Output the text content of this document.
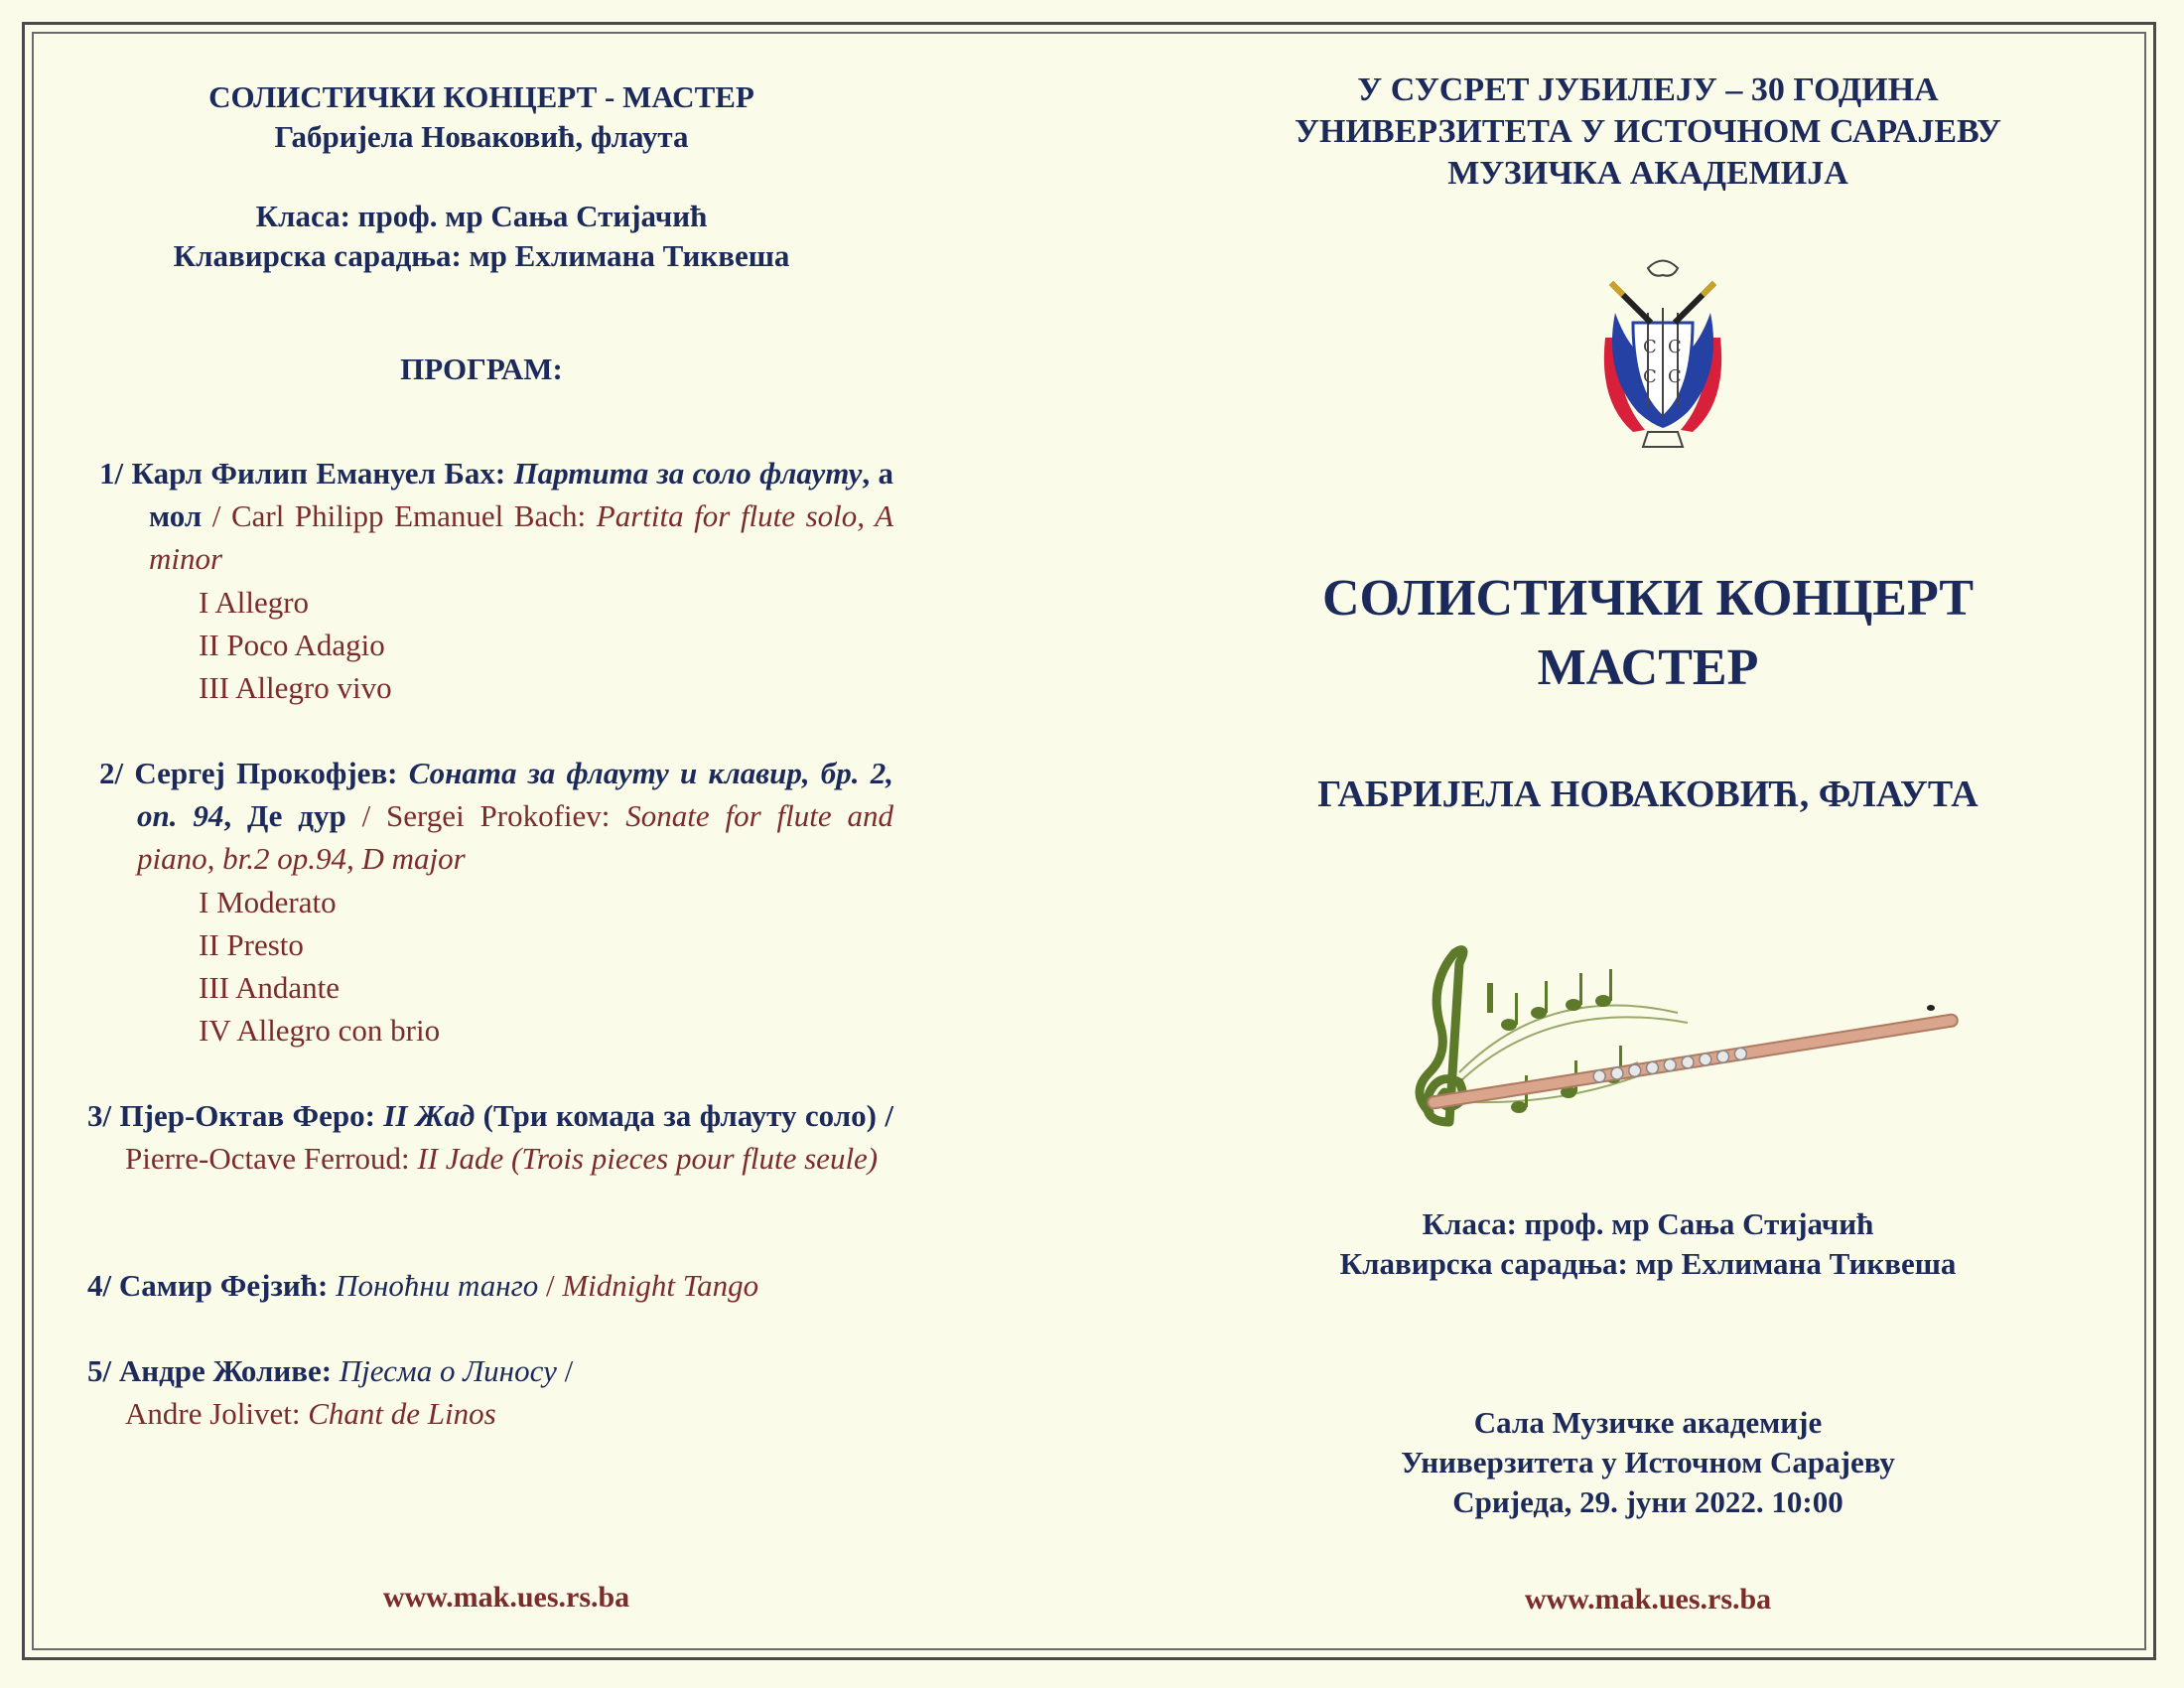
СОЛИСТИЧКИ КОНЦЕРТ - МАСТЕР
Габријела Новаковић, флаута
Класа: проф. мр Сања Стијачић
Клавирска сарадња: мр Ехлимана Тиквеша
ПРОГРАМ:
1/ Карл Филип Емануел Бах: Партита за соло флауту, а мол / Carl Philipp Emanuel Bach: Partita for flute solo, A minor
I Allegro
II Poco Adagio
III Allegro vivo
2/ Сергеј Прокофјев: Соната за флауту и клавир, бр. 2, оп. 94, Де дур / Sergei Prokofiev: Sonate for flute and piano, br.2 op.94, D major
I Moderato
II Presto
III Andante
IV Allegro con brio
3/ Пјер-Октав Феро: II Жад (Три комада за флауту соло) / Pierre-Octave Ferroud: II Jade (Trois pieces pour flute seule)
4/ Самир Фејзић: Поноћни танго / Midnight Tango
5/ Андре Жоливе: Пјесма о Линосу /
Andre Jolivet: Chant de Linos
www.mak.ues.rs.ba
У СУСРЕТ ЈУБИЛЕЈУ – 30 ГОДИНА
УНИВЕРЗИТЕТА У ИСТОЧНОМ САРАЈЕВУ
МУЗИЧКА АКАДЕМИЈА
С С
С С
СОЛИСТИЧКИ КОНЦЕРТ
МАСТЕР
ГАБРИЈЕЛА НОВАКОВИЋ, ФЛАУТА
Класа: проф. мр Сања Стијачић
Клавирска сарадња: мр Ехлимана Тиквеша
Сала Музичке академије
Универзитета у Источном Сарајеву
Сриједа, 29. јуни 2022. 10:00
www.mak.ues.rs.ba
